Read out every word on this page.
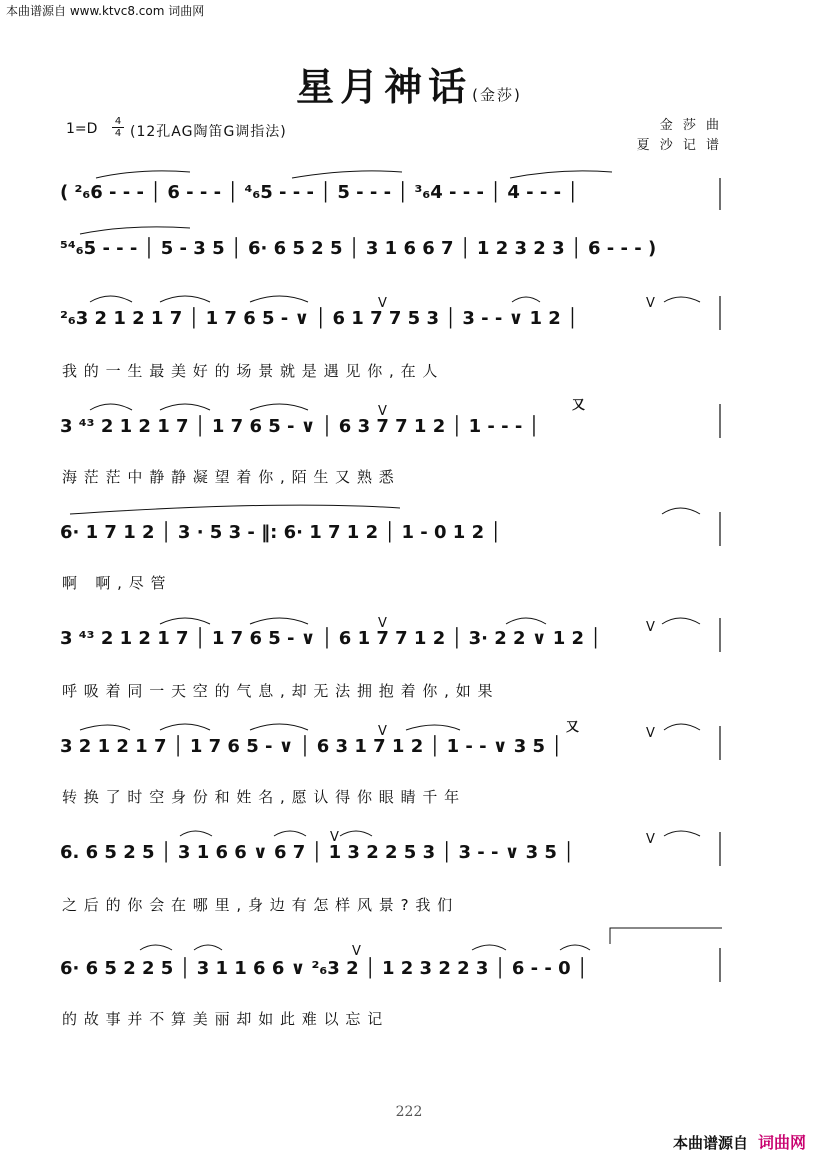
本曲谱源自 www.ktvc8.com 词曲网
星月神话(金莎)
1=D 4
4 (12孔AG陶笛G调指法)	金 莎 曲
夏 沙 记 谱
( ²₆6 - - - │ 6 - - - │ ⁴₆5 - - - │ 5 - - - │ ³₆4 - - - │ 4 - - - │
⁵⁴₆5 - - - │ 5 - 3 5 │ 6· 6 5 2 5 │ 3 1 6 6 7 │ 1 2 3 2 3 │ 6 - - - )
²₆3 2 1 2 1 7 │ 1 7 6 5 - ∨ │ 6 1 7 7 5 3 │ 3 - - ∨ 1 2 │
我的一生最美好的场景就是遇见你,在人
3 ⁴³ 2 1 2 1 7 │ 1 7 6 5 - ∨ │ 6 3 7 7 1 2 │ 1 - - - │
海茫茫中静静凝望着你,陌生又熟悉
6· 1 7 1 2 │ 3 · 5 3 - ‖: 6· 1 7 1 2 │ 1 - 0 1 2 │
啊 啊,尽管
3 ⁴³ 2 1 2 1 7 │ 1 7 6 5 - ∨ │ 6 1 7 7 1 2 │ 3· 2 2 ∨ 1 2 │
呼吸着同一天空的气息,却无法拥抱着你,如果
3 2 1 2 1 7 │ 1 7 6 5 - ∨ │ 6 3 1 7 1 2 │ 1 - - ∨ 3 5 │
转换了时空身份和姓名,愿认得你眼睛千年
6. 6 5 2 5 │ 3 1 6 6 ∨ 6 7 │ 1 3 2 2 5 3 │ 3 - - ∨ 3 5 │
之后的你会在哪里,身边有怎样风景?我们
6· 6 5 2 2 5 │ 3 1 1 6 6 ∨ ²₆3 2 │ 1 2 3 2 2 3 │ 6 - - 0 │
的故事并不算美丽却如此难以忘记
V	V
V	又
V	V
V	又	V
V	V
V
222
本曲谱源自 词曲网
